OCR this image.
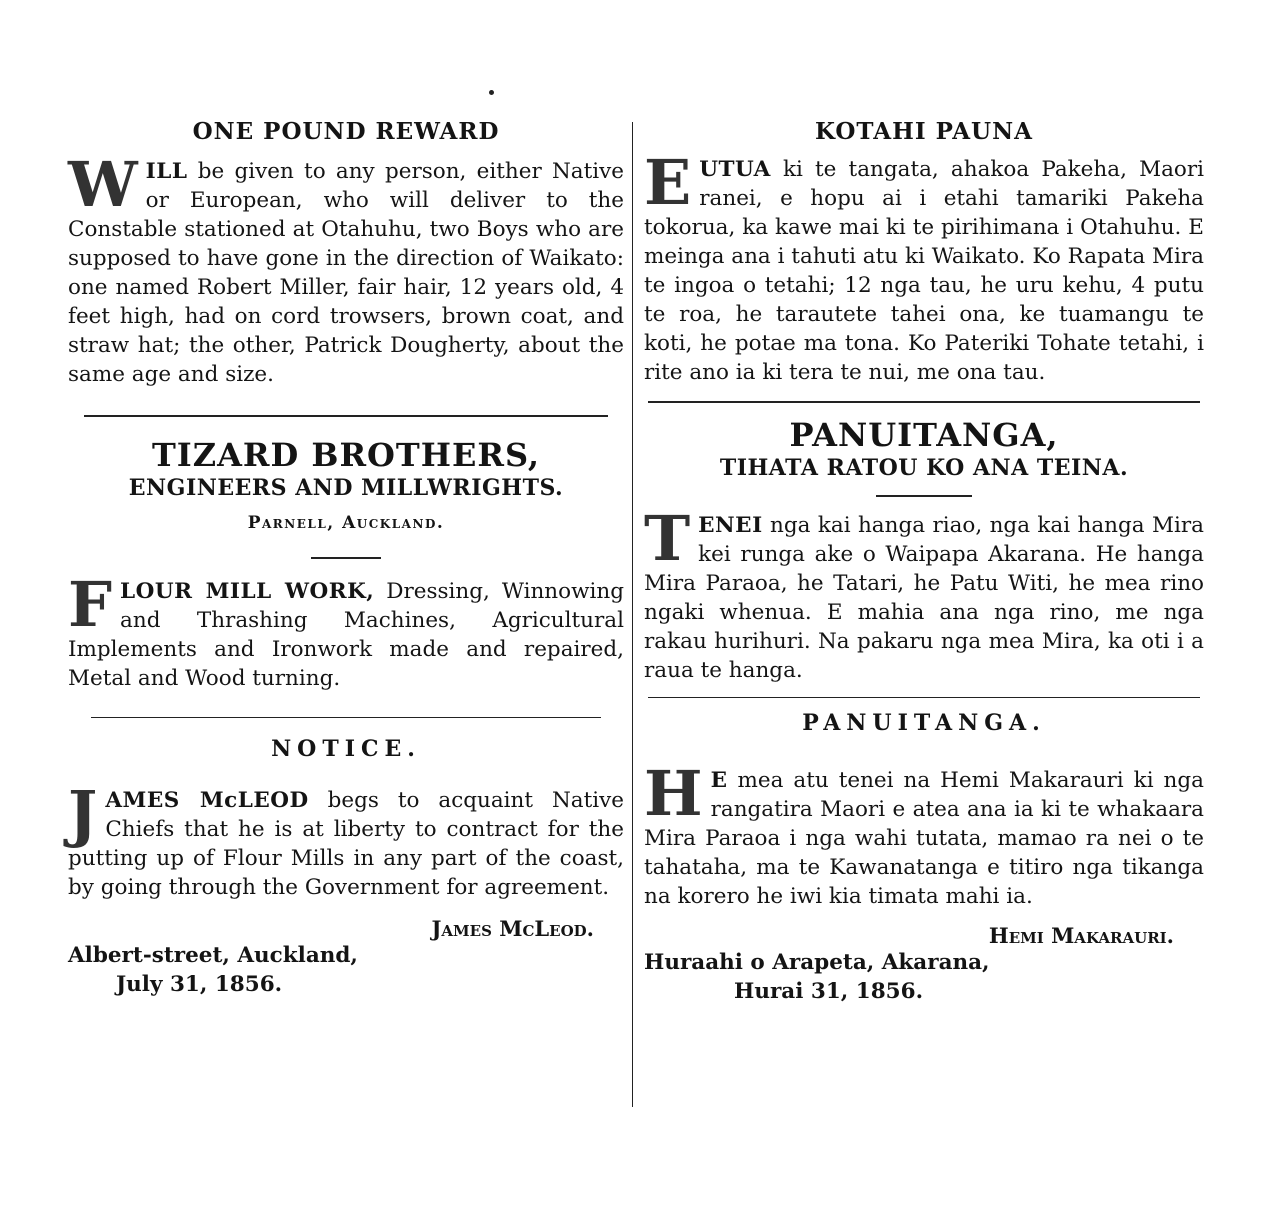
ONE POUND REWARD

W ILL be given to any person, either Native or European, who will deliver to the Constable stationed at Otahuhu, two Boys who are supposed to have gone in the direction of Waikato: one named Robert Miller, fair hair, 12 years old, 4 feet high, had on cord trowsers, brown coat, and straw hat; the other, Patrick Dougherty, about the same age and size.

TIZARD BROTHERS,
ENGINEERS AND MILLWRIGHTS.

Parnell, Auckland.

F LOUR MILL WORK, Dressing, Winnowing and Thrashing Machines, Agricultural Implements and Ironwork made and repaired, Metal and Wood turning.

NOTICE.

J AMES McLEOD begs to acquaint Native Chiefs that he is at liberty to contract for the putting up of Flour Mills in any part of the coast, by going through the Government for agreement.

James McLeod.

Albert-street, Auckland,

July 31, 1856.

KOTAHI PAUNA

E UTUA ki te tangata, ahakoa Pakeha, Maori ranei, e hopu ai i etahi tamariki Pakeha tokorua, ka kawe mai ki te pirihimana i Otahuhu. E meinga ana i tahuti atu ki Waikato. Ko Rapata Mira te ingoa o tetahi; 12 nga tau, he uru kehu, 4 putu te roa, he tarautete tahei ona, ke tuamangu te koti, he potae ma tona. Ko Pateriki Tohate tetahi, i rite ano ia ki tera te nui, me ona tau.

PANUITANGA,
TIHATA RATOU KO ANA TEINA.

T ENEI nga kai hanga riao, nga kai hanga Mira kei runga ake o Waipapa Akarana. He hanga Mira Paraoa, he Tatari, he Patu Witi, he mea rino ngaki whenua. E mahia ana nga rino, me nga rakau hurihuri. Na pakaru nga mea Mira, ka oti i a raua te hanga.

PANUITANGA.

H E mea atu tenei na Hemi Makarauri ki nga rangatira Maori e atea ana ia ki te whakaara Mira Paraoa i nga wahi tutata, mamao ra nei o te tahataha, ma te Kawanatanga e titiro nga tikanga na korero he iwi kia timata mahi ia.

Hemi Makarauri.

Huraahi o Arapeta, Akarana,

Hurai 31, 1856.
